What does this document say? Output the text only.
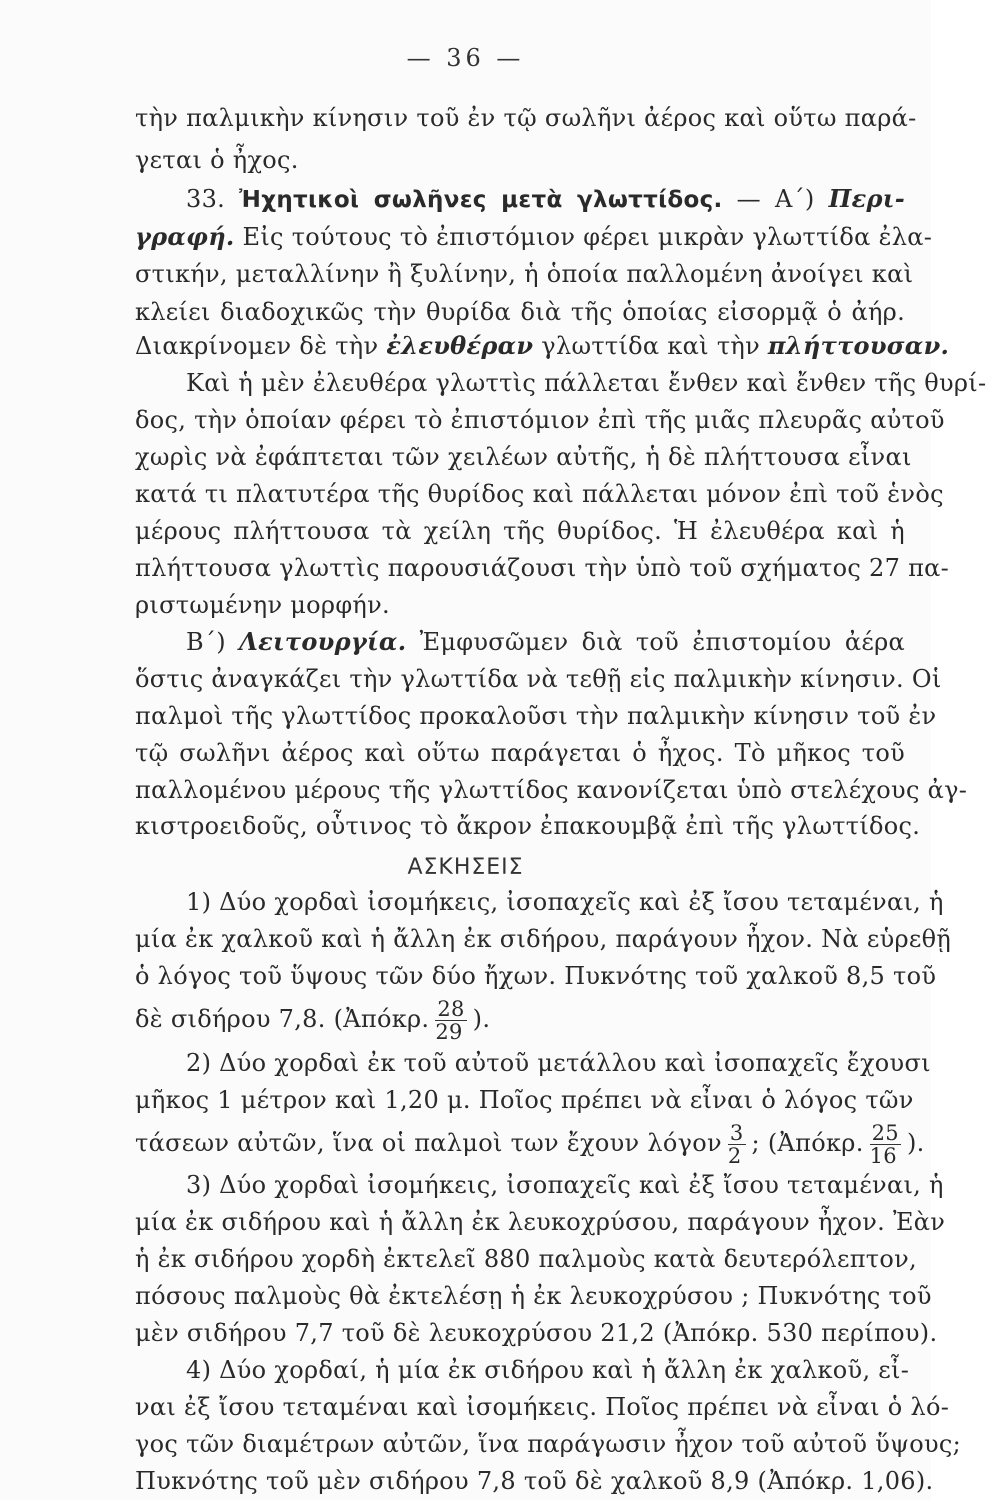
— 36 —
τὴν παλμικὴν κίνησιν τοῦ ἐν τῷ σωλῆνι ἀέρος καὶ οὕτω παρά-
γεται ὁ ἦχος.
33. Ἠχητικοὶ σωλῆνες μετὰ γλωττίδος. — Α΄) Περι-
γραφή. Εἰς τούτους τὸ ἐπιστόμιον φέρει μικρὰν γλωττίδα ἐλα-
στικήν, μεταλλίνην ἢ ξυλίνην, ἡ ὁποία παλλομένη ἀνοίγει καὶ
κλείει διαδοχικῶς τὴν θυρίδα διὰ τῆς ὁποίας εἰσορμᾷ ὁ ἀήρ.
Διακρίνομεν δὲ τὴν ἐλευθέραν γλωττίδα καὶ τὴν πλήττουσαν.
Καὶ ἡ μὲν ἐλευθέρα γλωττὶς πάλλεται ἔνθεν καὶ ἔνθεν τῆς θυρί-
δος, τὴν ὁποίαν φέρει τὸ ἐπιστόμιον ἐπὶ τῆς μιᾶς πλευρᾶς αὐτοῦ
χωρὶς νὰ ἐφάπτεται τῶν χειλέων αὐτῆς, ἡ δὲ πλήττουσα εἶναι
κατά τι πλατυτέρα τῆς θυρίδος καὶ πάλλεται μόνον ἐπὶ τοῦ ἑνὸς
μέρους πλήττουσα τὰ χείλη τῆς θυρίδος. Ἡ ἐλευθέρα καὶ ἡ
πλήττουσα γλωττὶς παρουσιάζουσι τὴν ὑπὸ τοῦ σχήματος 27 πα-
ριστωμένην μορφήν.
Β΄) Λειτουργία. Ἐμφυσῶμεν διὰ τοῦ ἐπιστομίου ἀέρα
ὅστις ἀναγκάζει τὴν γλωττίδα νὰ τεθῇ εἰς παλμικὴν κίνησιν. Οἱ
παλμοὶ τῆς γλωττίδος προκαλοῦσι τὴν παλμικὴν κίνησιν τοῦ ἐν
τῷ σωλῆνι ἀέρος καὶ οὕτω παράγεται ὁ ἦχος. Τὸ μῆκος τοῦ
παλλομένου μέρους τῆς γλωττίδος κανονίζεται ὑπὸ στελέχους ἀγ-
κιστροειδοῦς, οὗτινος τὸ ἄκρον ἐπακουμβᾷ ἐπὶ τῆς γλωττίδος.
ΑΣΚΗΣΕΙΣ
1) Δύο χορδαὶ ἰσομήκεις, ἰσοπαχεῖς καὶ ἐξ ἴσου τεταμέναι, ἡ
μία ἐκ χαλκοῦ καὶ ἡ ἄλλη ἐκ σιδήρου, παράγουν ἦχον. Νὰ εὑρεθῇ
ὁ λόγος τοῦ ὕψους τῶν δύο ἤχων. Πυκνότης τοῦ χαλκοῦ 8,5 τοῦ
δὲ σιδήρου 7,8. (Ἀπόκρ. $\frac{28}{29}$ ).
2) Δύο χορδαὶ ἐκ τοῦ αὐτοῦ μετάλλου καὶ ἰσοπαχεῖς ἔχουσι
μῆκος 1 μέτρον καὶ 1,20 μ. Ποῖος πρέπει νὰ εἶναι ὁ λόγος τῶν
τάσεων αὐτῶν, ἵνα οἱ παλμοὶ των ἔχουν λόγον $\frac{3}{2}$ ; (Ἀπόκρ. $\frac{25}{16}$ ).
3) Δύο χορδαὶ ἰσομήκεις, ἰσοπαχεῖς καὶ ἐξ ἴσου τεταμέναι, ἡ
μία ἐκ σιδήρου καὶ ἡ ἄλλη ἐκ λευκοχρύσου, παράγουν ἦχον. Ἐὰν
ἡ ἐκ σιδήρου χορδὴ ἐκτελεῖ 880 παλμοὺς κατὰ δευτερόλεπτον,
πόσους παλμοὺς θὰ ἐκτελέσῃ ἡ ἐκ λευκοχρύσου ; Πυκνότης τοῦ
μὲν σιδήρου 7,7 τοῦ δὲ λευκοχρύσου 21,2 (Ἀπόκρ. 530 περίπου).
4) Δύο χορδαί, ἡ μία ἐκ σιδήρου καὶ ἡ ἄλλη ἐκ χαλκοῦ, εἶ-
ναι ἐξ ἴσου τεταμέναι καὶ ἰσομήκεις. Ποῖος πρέπει νὰ εἶναι ὁ λό-
γος τῶν διαμέτρων αὐτῶν, ἵνα παράγωσιν ἦχον τοῦ αὐτοῦ ὕψους;
Πυκνότης τοῦ μὲν σιδήρου 7,8 τοῦ δὲ χαλκοῦ 8,9 (Ἀπόκρ. 1,06).
